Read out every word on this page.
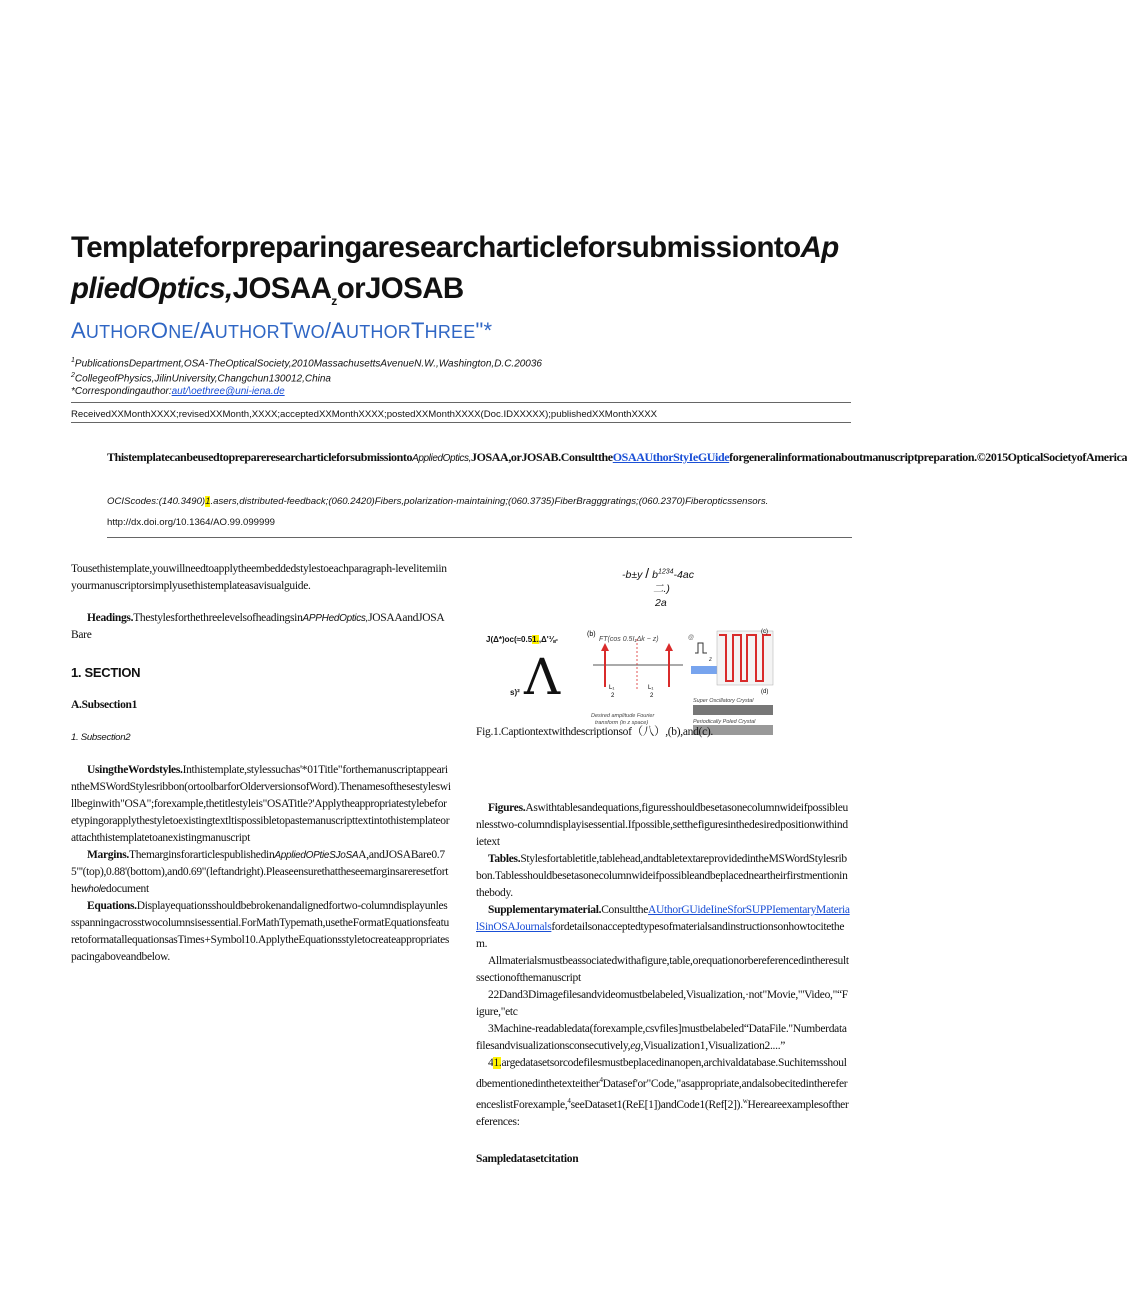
$TemplateforpreparingaresearcharticleforsubmissiontoAppliedOptics,JOSAA_zorJOSAB$
AUTHORONE/AUTHORTWO/AUTHORTHREE"*
$^1$PublicationsDepartment,OSA-TheOpticalSociety,2010MassachusettsAvenueN.W.,Washington,D.C.20036
$^2$CollegeofPhysics,JilinUniversity,Changchun130012,China
*Correspondingauthor:aut/\oethree@uni-iena.de
ReceivedXXMonthXXXX;revisedXXMonth,XXXX;acceptedXXMonthXXXX;postedXXMonthXXXX(Doc.IDXXXXX);publishedXXMonthXXXX
ThistemplatecanbeusedtoprepareresearcharticleforsubmissiontoAppliedOptics,JOSAA,orJOSAB.ConsulttheOSAAUthorStyIeGUideforgeneralinformationaboutmanuscriptpreparation.©2015OpticalSocietyofAmerica
OCIScodes:(140.3490)1.asers,distributed-feedback;(060.2420)Fibers,polarization-maintaining;(060.3735)FiberBragggratings;(060.2370)Fiberopticssensors.
http://dx.doi.org/10.1364/AO.99.099999

Tousethistemplate,youwillneedtoapplytheembeddedstylestoeachparagraph-levelitemiinyourmanuscriptorsimplyusethistemplateasavisualguide.

Headings.ThestylesforthethreelevelsofheadingsinAPPHedOptics,JOSAAandJOSABare

1. SECTION

A.Subsection1

1. Subsection2

UsingtheWordstyles.Inthistemplate,stylessuchas'*01Title"forthemanuscriptappearintheMSWordStylesribbon(ortoolbarforOlderversionsofWord).Thenamesofthesestyleswillbeginwith"OSA";forexample,thetitlestyleis"OSATitle?'Applytheappropriatestylebeforetypingorapplythestyletoexistingtextltispossibletopastemanuscripttextintothistemplateorattachthistemplatetoanexistingmanuscript

Margins.ThemarginsforarticlespublishedinAppliedOPtieSJoSAA,andJOSABare0.75"'(top),0.88'(bottom),and0.69"(leftandright).Pleaseensurethattheseemarginsareresetforthewholedocument

Equations.Displayequationsshouldbebrokenandalignedfortwo-columndisplayunlessspanningacrosstwocolumnsisessential.ForMathTypemath,usetheFormatEquationsfeaturetoformatallequationsasTimes+Symbol10.ApplytheEquationsstyletocreateappropriatespacingaboveandbelow.

$-b\pm y / b^{1234}-4ac$
二.)
2a
J(Δ*)oc(≈0.51.,Δ'⅛-
s)² Λ
(b)
FT(cos 0.5I₁Δk − z)
L₁
2
L₁
2
Desired amplitude Fourier
transform (in z space)
@
z
(c)
(d)
Super Oscillatory Crystal
Periodically Poled Crystal
Fig.1.Captiontextwithdescriptionsof（八）,(b),and(c).

Figures.Aswithtablesandequations,figuresshouldbesetasonecolumnwideifpossibleunlesstwo-columndisplayisessential.Ifpossible,setthefiguresinthedesiredpositionwithindietext

Tables.Stylesfortabletitle,tablehead,andtabletextareprovidedintheMSWordStylesribbon.Tablesshouldbesetasonecolumnwideifpossibleandbeplacedneartheirfirstmentioninthebody.

Supplementarymaterial.ConsulttheAUthorGUideIineSforSUPPIementaryMaterialSinOSAJournalsfordetailsonacceptedtypesofmaterialsandinstructionsonhowtocitethem.

Allmaterialsmustbeassociatedwithafigure,table,orequationorbereferencedintheresultssectionofthemanuscript

22Dand3Dimagefilesandvideomustbelabeled,Visualization,·not"Movie,"'Video,"“Figure,"etc

3Machine-readabledata(forexample,csvfiles]mustbelabeled“DataFile."Numberdatafilesandvisualizationsconsecutively,eg,Visualization1,Visualization2....”

41.argedatasetsorcodefilesmustbeplacedinanopen,archivaldatabase.Suchitemsshouldbementionedinthetexteither$^4$Datasef'or"Code,"asappropriate,andalsobecitedinthereferenceslistForexample,$^4$seeDataset1(ReE[1])andCode1(Ref[2]).$^w$Hereareexamplesofthereferences:

Sampledatasetcitation
